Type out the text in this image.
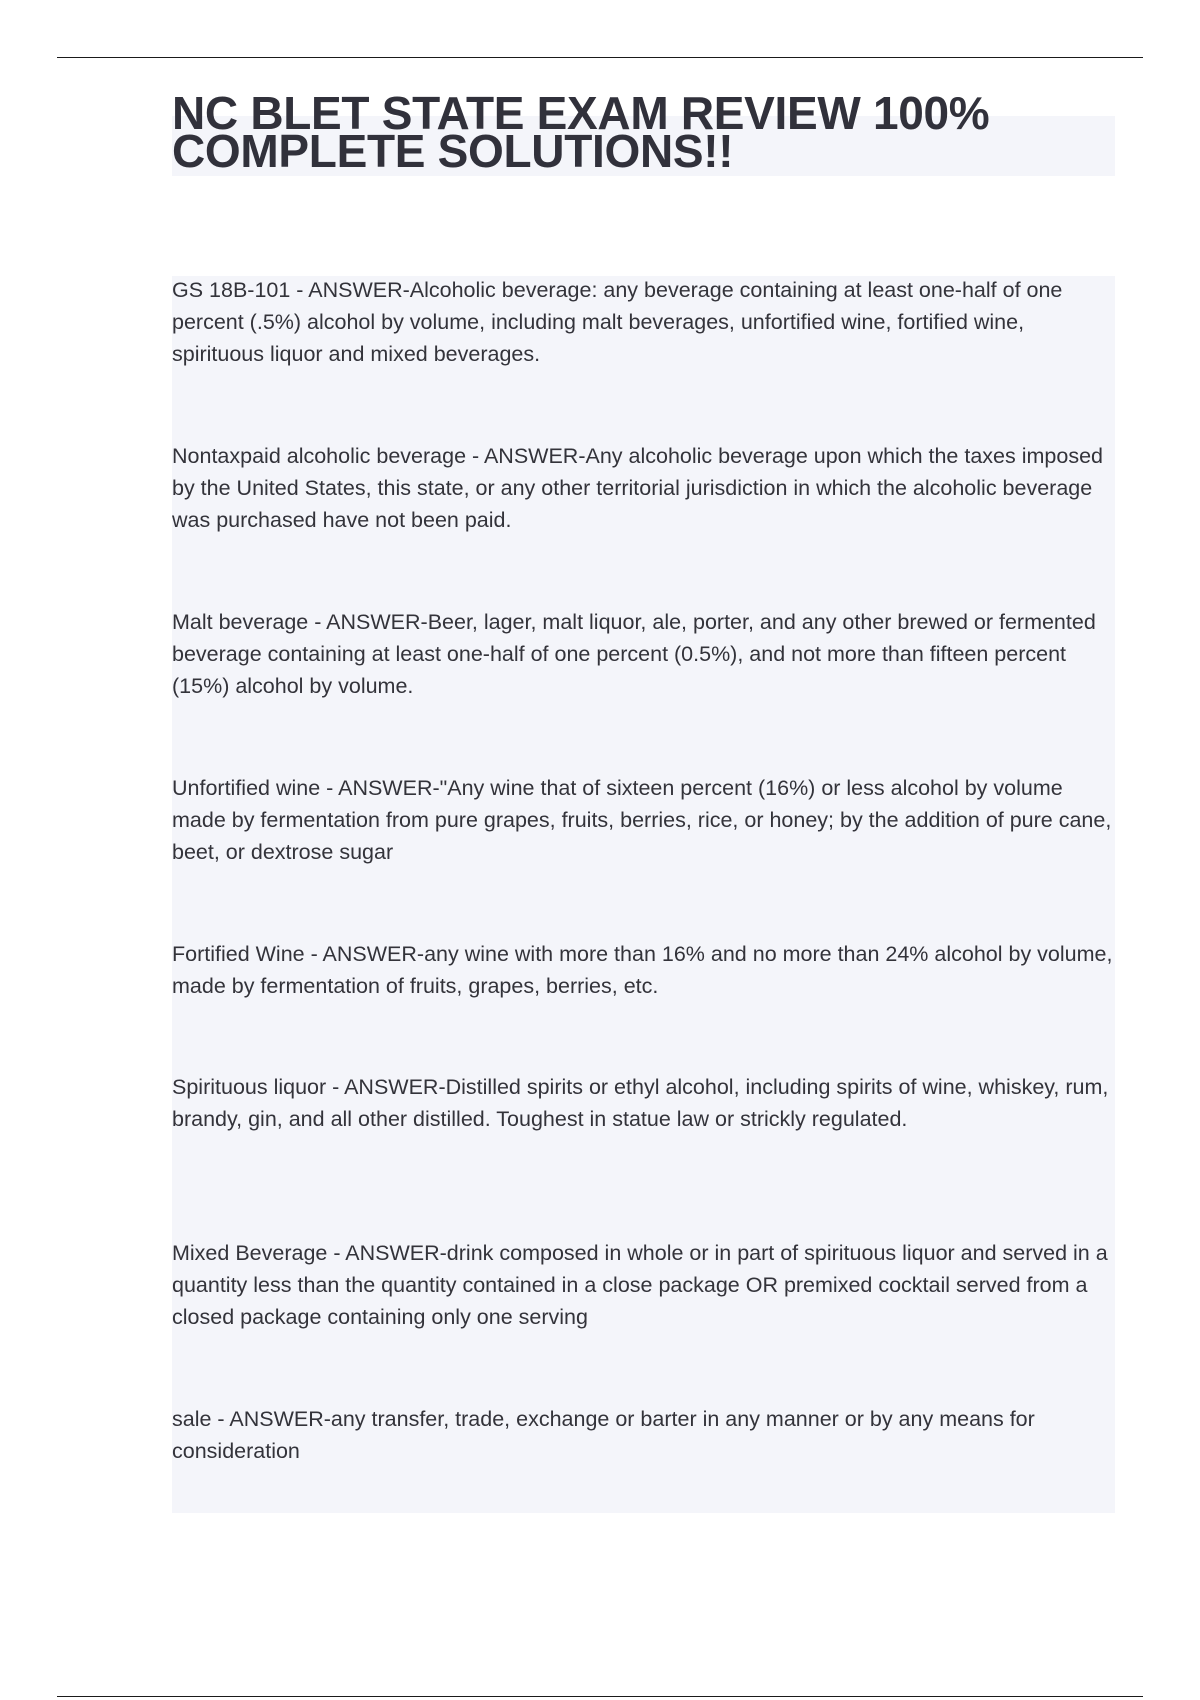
NC BLET STATE EXAM REVIEW 100% COMPLETE SOLUTIONS!!

GS 18B-101 - ANSWER-Alcoholic beverage: any beverage containing at least one-half of one percent (.5%) alcohol by volume, including malt beverages, unfortified wine, fortified wine, spirituous liquor and mixed beverages.

Nontaxpaid alcoholic beverage - ANSWER-Any alcoholic beverage upon which the taxes imposed by the United States, this state, or any other territorial jurisdiction in which the alcoholic beverage was purchased have not been paid.

Malt beverage - ANSWER-Beer, lager, malt liquor, ale, porter, and any other brewed or fermented beverage containing at least one-half of one percent (0.5%), and not more than fifteen percent (15%) alcohol by volume.

Unfortified wine - ANSWER-"Any wine that of sixteen percent (16%) or less alcohol by volume made by fermentation from pure grapes, fruits, berries, rice, or honey; by the addition of pure cane, beet, or dextrose sugar

Fortified Wine - ANSWER-any wine with more than 16% and no more than 24% alcohol by volume, made by fermentation of fruits, grapes, berries, etc.

Spirituous liquor - ANSWER-Distilled spirits or ethyl alcohol, including spirits of wine, whiskey, rum, brandy, gin, and all other distilled. Toughest in statue law or strickly regulated.

Mixed Beverage - ANSWER-drink composed in whole or in part of spirituous liquor and served in a quantity less than the quantity contained in a close package OR premixed cocktail served from a closed package containing only one serving

sale - ANSWER-any transfer, trade, exchange or barter in any manner or by any means for consideration
